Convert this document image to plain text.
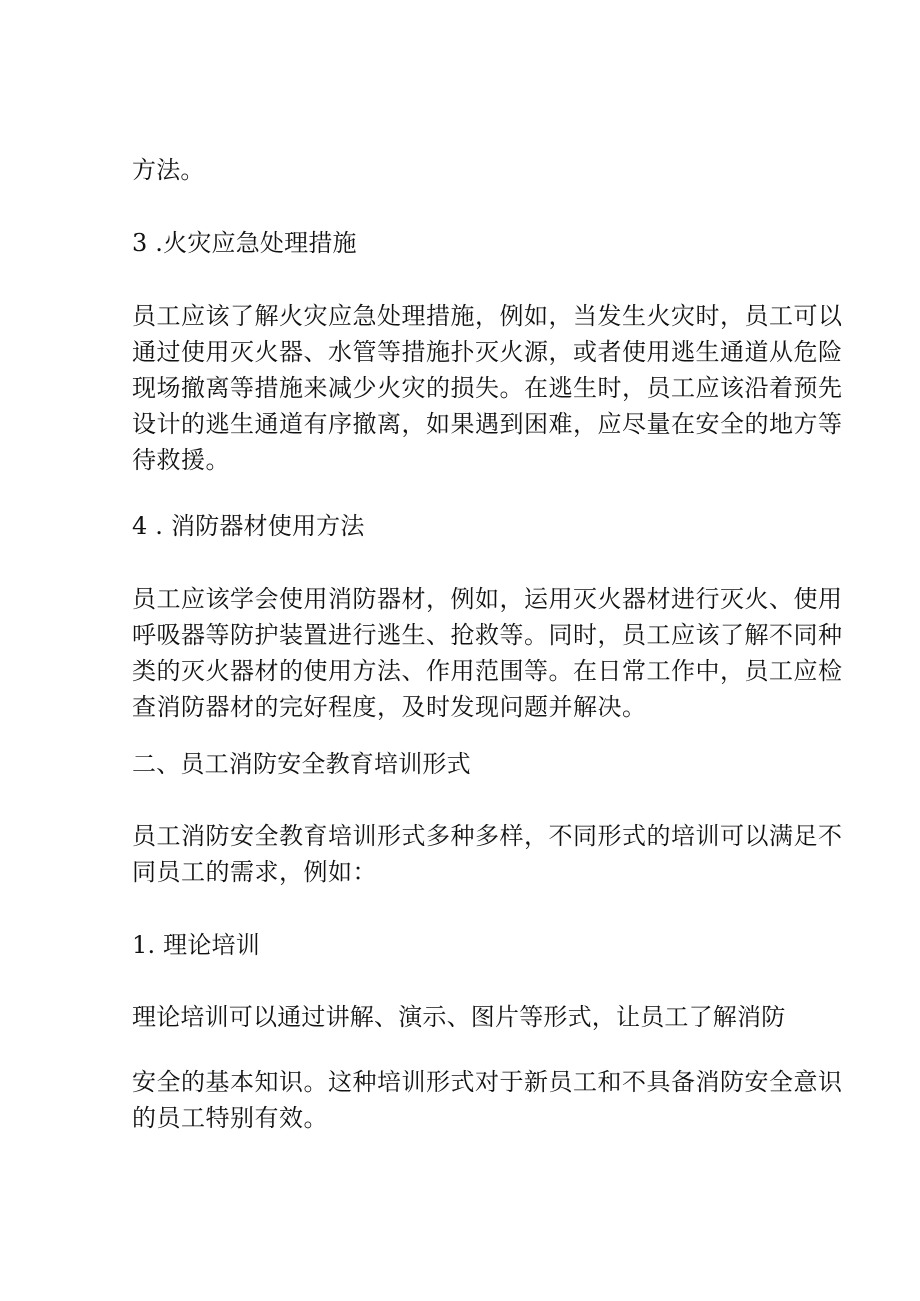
方法。

3 .火灾应急处理措施

员工应该了解火灾应急处理措施，例如，当发生火灾时，员工可以
通过使用灭火器、水管等措施扑灭火源，或者使用逃生通道从危险
现场撤离等措施来减少火灾的损失。在逃生时，员工应该沿着预先
设计的逃生通道有序撤离，如果遇到困难，应尽量在安全的地方等
待救援。

4 . 消防器材使用方法

员工应该学会使用消防器材，例如，运用灭火器材进行灭火、使用
呼吸器等防护装置进行逃生、抢救等。同时，员工应该了解不同种
类的灭火器材的使用方法、作用范围等。在日常工作中，员工应检
查消防器材的完好程度，及时发现问题并解决。

二、员工消防安全教育培训形式

员工消防安全教育培训形式多种多样，不同形式的培训可以满足不
同员工的需求，例如：

1. 理论培训

理论培训可以通过讲解、演示、图片等形式，让员工了解消防

安全的基本知识。这种培训形式对于新员工和不具备消防安全意识
的员工特别有效。
